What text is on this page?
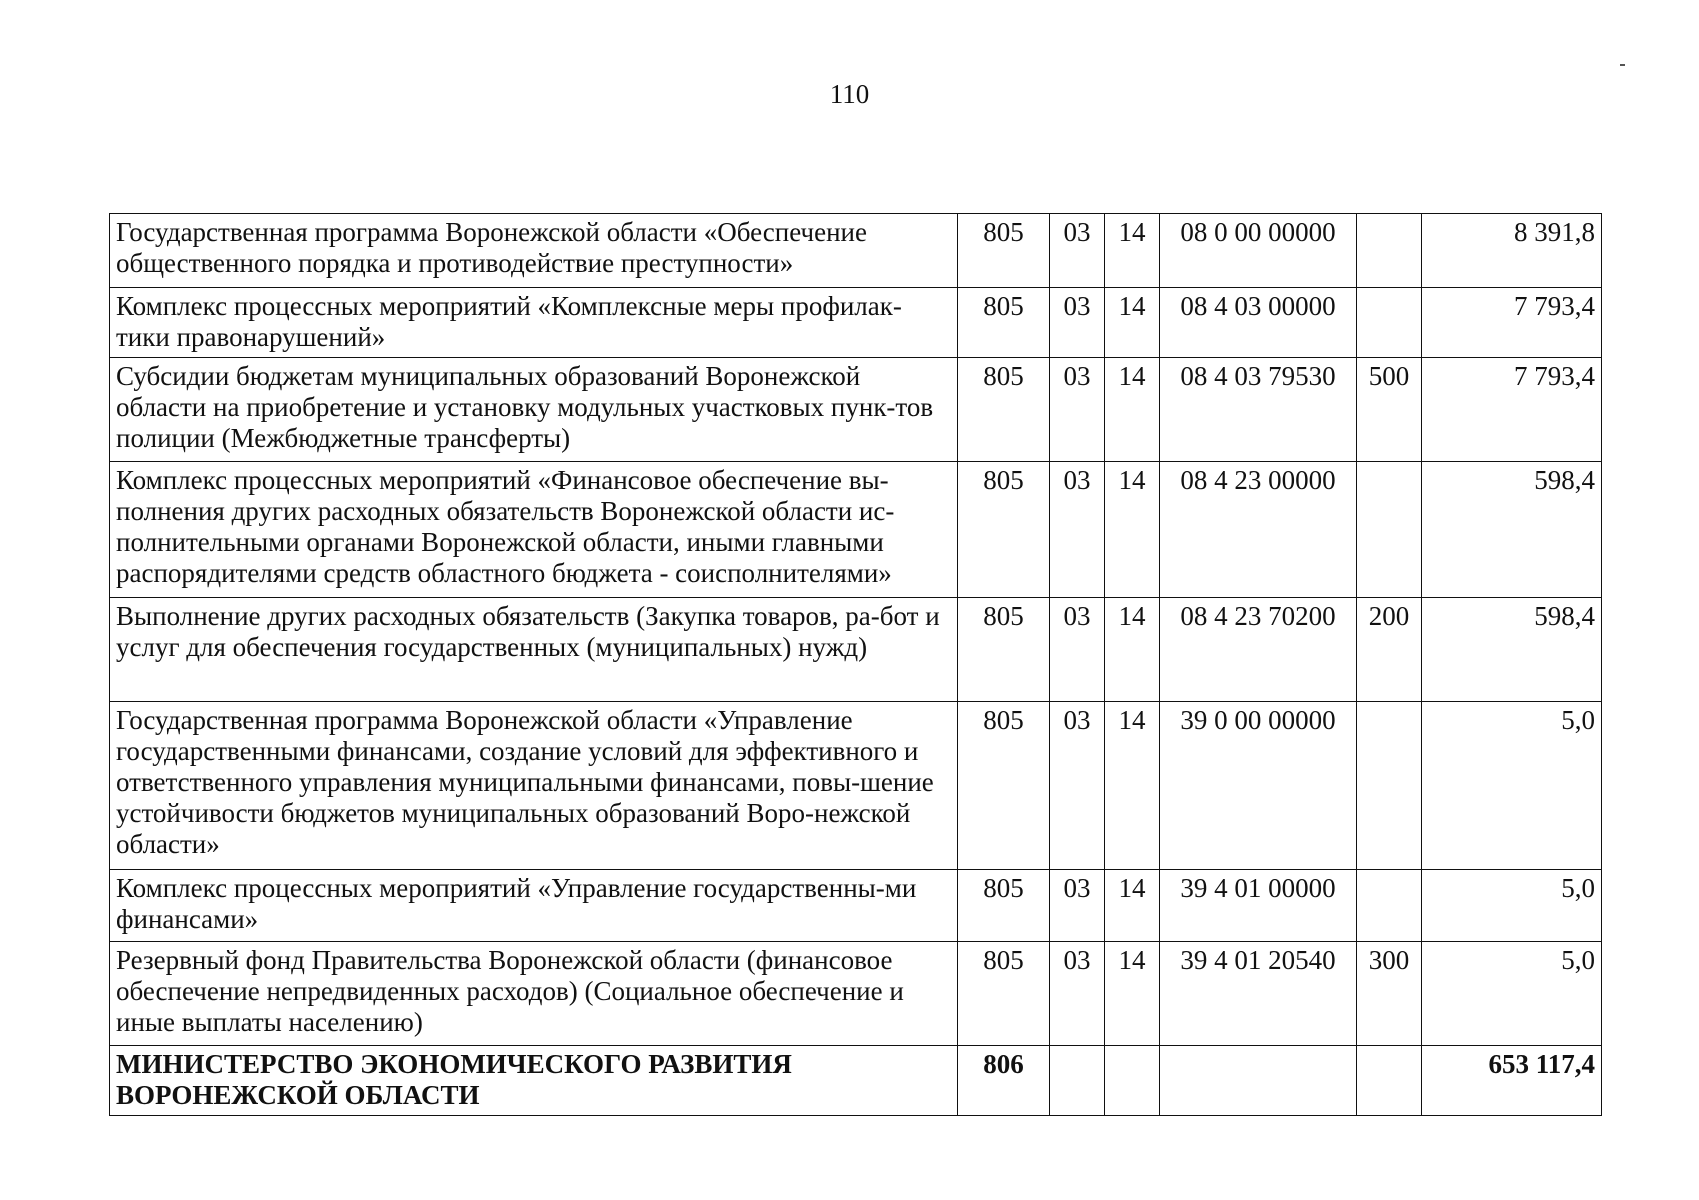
110
Государственная программа Воронежской области «Обеспечение общественного порядка и противодействие преступности»	805	03	14	08 0 00 00000		8 391,8
Комплекс процессных мероприятий «Комплексные меры профилак-тики правонарушений»	805	03	14	08 4 03 00000		7 793,4
Субсидии бюджетам муниципальных образований Воронежской области на приобретение и установку модульных участковых пунк-тов полиции (Межбюджетные трансферты)	805	03	14	08 4 03 79530	500	7 793,4
Комплекс процессных мероприятий «Финансовое обеспечение вы-полнения других расходных обязательств Воронежской области ис-полнительными органами Воронежской области, иными главными распорядителями средств областного бюджета - соисполнителями»	805	03	14	08 4 23 00000		598,4
Выполнение других расходных обязательств (Закупка товаров, ра-бот и услуг для обеспечения государственных (муниципальных) нужд)	805	03	14	08 4 23 70200	200	598,4
Государственная программа Воронежской области «Управление государственными финансами, создание условий для эффективного и ответственного управления муниципальными финансами, повы-шение устойчивости бюджетов муниципальных образований Воро-нежской области»	805	03	14	39 0 00 00000		5,0
Комплекс процессных мероприятий «Управление государственны-ми финансами»	805	03	14	39 4 01 00000		5,0
Резервный фонд Правительства Воронежской области (финансовое обеспечение непредвиденных расходов) (Социальное обеспечение и иные выплаты населению)	805	03	14	39 4 01 20540	300	5,0
МИНИСТЕРСТВО ЭКОНОМИЧЕСКОГО РАЗВИТИЯ ВОРОНЕЖСКОЙ ОБЛАСТИ	806					653 117,4
